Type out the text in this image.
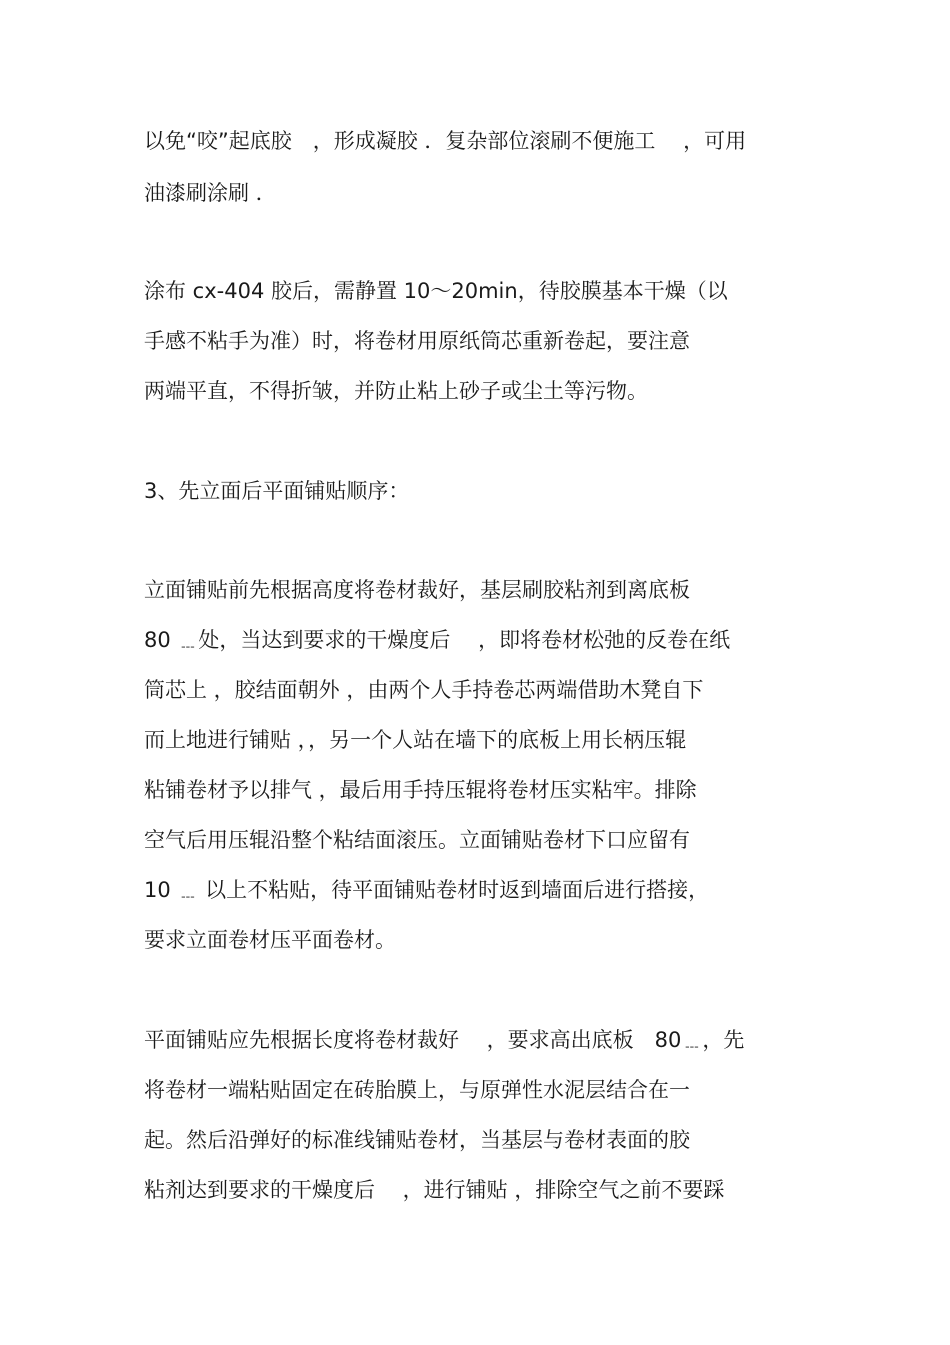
以免“咬”起底胶　，形成凝胶 ．复杂部位滚刷不便施工　 ，可用
油漆刷涂刷 ．
涂布 cx-404 胶后，需静置 10～20min，待胶膜基本干燥（以
手感不粘手为准）时，将卷材用原纸筒芯重新卷起，要注意
两端平直，不得折皱，并防止粘上砂子或尘土等污物。
3、先立面后平面铺贴顺序：
立面铺贴前先根据高度将卷材裁好，基层刷胶粘剂到离底板
80 ﹍处，当达到要求的干燥度后　 ，即将卷材松弛的反卷在纸
筒芯上 ，胶结面朝外 ，由两个人手持卷芯两端借助木凳自下
而上地进行铺贴 ，，另一个人站在墙下的底板上用长柄压辊
粘铺卷材予以排气 ，最后用手持压辊将卷材压实粘牢。排除
空气后用压辊沿整个粘结面滚压。立面铺贴卷材下口应留有
10 ﹍ 以上不粘贴，待平面铺贴卷材时返到墙面后进行搭接，
要求立面卷材压平面卷材。
平面铺贴应先根据长度将卷材裁好　 ，要求高出底板　80﹍，先
将卷材一端粘贴固定在砖胎膜上，与原弹性水泥层结合在一
起。然后沿弹好的标准线铺贴卷材，当基层与卷材表面的胶
粘剂达到要求的干燥度后　 ，进行铺贴 ，排除空气之前不要踩
